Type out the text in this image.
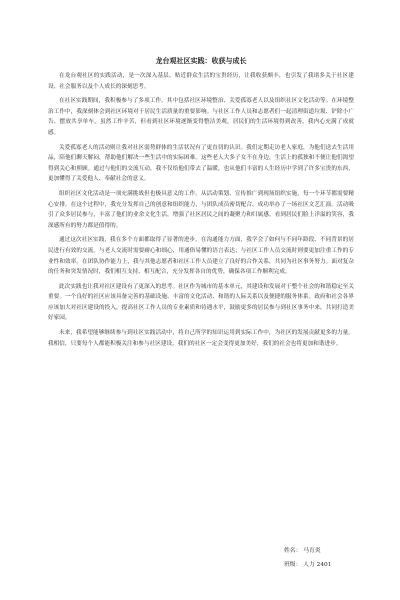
龙台观社区实践：收获与成长

在龙台观社区的实践活动，是一次深入基层、贴近群众生活的宝贵经历，让我收获颇丰，也引发了我诸多关于社区建设、社会服务以及个人成长的深刻思考。

在社区实践期间，我积极参与了多项工作，其中包括社区环境整治、关爱孤寡老人以及组织社区文化活动等。在环境整治工作中，我深刻体会到社区环境对于居民生活质量的重要影响。与社区工作人员和志愿者们一起清理街道垃圾、铲除小广告、摆放共享单车，虽然工作辛苦，但看到社区环境逐渐变得整洁美观，居民们的生活环境得到改善，我内心充满了成就感。

关爱孤寡老人的活动则让我对社区弱势群体的生活状况有了更直切的认识。我们定期走访老人家庭，为他们送去生活用品，陪他们聊天解闷，帮助他们解决一些生活中的实际困难。这些老人大多子女不在身边，生活上的孤独和不便让他们渴望得到关心和照顾。通过与他们的交流互动，我不仅给他们带去了温暖，也从他们丰富的人生经历中学到了许多宝贵的东西，更加懂得了关爱他人、奉献社会的意义。

组织社区文化活动是一项充满挑战但也极具意义的工作。从活动策划、宣传推广到现场组织实施，每一个环节都需要精心安排。在这个过程中，我充分发挥自己的创意和组织能力，与团队成员密切配合，成功举办了一场社区文艺汇演。活动吸引了众多居民参与，丰富了他们的业余文化生活，增强了社区居民之间的凝聚力和归属感。看到居民们脸上洋溢的笑容，我深感所有的努力都是值得的。

通过这次社区实践，我在多个方面都取得了显著的进步。在沟通能力方面，我学会了如何与不同年龄段、不同背景的居民进行有效的交流。与老人交流时需要耐心和细心，用通俗易懂的语言表达；与社区工作人员交流时则要更加注重工作的专业性和效率。在团队协作能力上，我与其他志愿者和社区工作人员建立了良好的合作关系，共同为社区事务努力。面对复杂的任务和突发情况时，我们相互支持、相互配合，充分发挥各自的优势，确保各项工作顺利完成。

此次实践也让我对社区建设有了更深入的思考。社区作为城市的基本单元，其建设和发展对于整个社会的和谐稳定至关重要。一个良好的社区应该具备完善的基础设施、丰富的文化活动、和谐的人际关系以及便捷的服务体系。政府和社会各界应该加大对社区建设的投入，提高社区工作人员的专业素质和待遇水平，鼓励更多的居民参与到社区事务中来，共同打造美好家园。

未来，我希望能够继续参与到社区实践活动中，将自己所学的知识运用到实际工作中，为社区的发展贡献更多的力量。我相信，只要每个人都能积极关注和参与社区建设，我们的社区一定会变得更加美好，我们的社会也将更加和谐进步。

姓名： 马育炎
班级： 人力 2401
